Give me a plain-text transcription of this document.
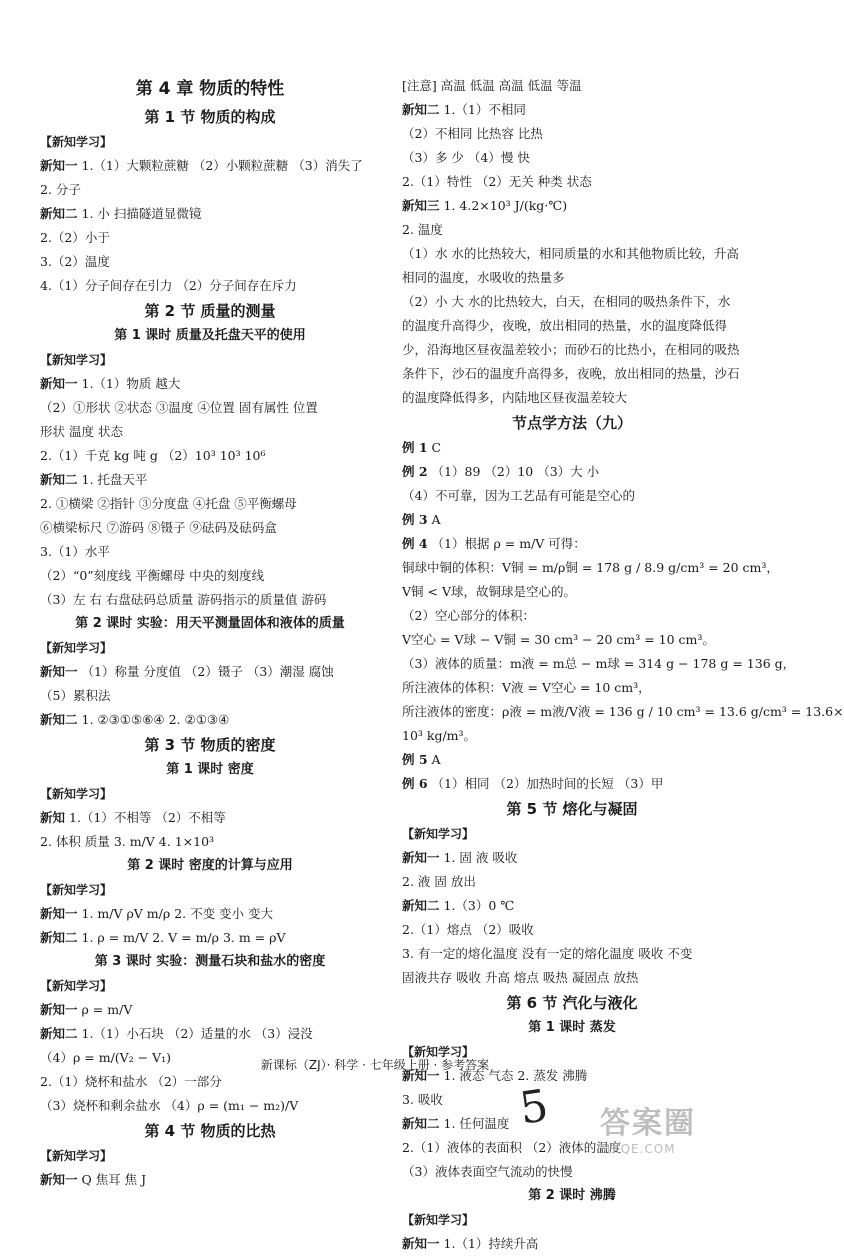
第 4 章 物质的特性
第 1 节 物质的构成
【新知学习】
新知一 1.（1）大颗粒蔗糖 （2）小颗粒蔗糖 （3）消失了
2. 分子
新知二 1. 小 扫描隧道显微镜
2.（2）小于
3.（2）温度
4.（1）分子间存在引力 （2）分子间存在斥力
第 2 节 质量的测量
第 1 课时 质量及托盘天平的使用
【新知学习】
新知一 1.（1）物质 越大
（2）①形状 ②状态 ③温度 ④位置 固有属性 位置
形状 温度 状态
2.（1）千克 kg 吨 g （2）10³ 10³ 10⁶
新知二 1. 托盘天平
2. ①横梁 ②指针 ③分度盘 ④托盘 ⑤平衡螺母
⑥横梁标尺 ⑦游码 ⑧镊子 ⑨砝码及砝码盒
3.（1）水平
（2）“0”刻度线 平衡螺母 中央的刻度线
（3）左 右 右盘砝码总质量 游码指示的质量值 游码
第 2 课时 实验：用天平测量固体和液体的质量
【新知学习】
新知一 （1）称量 分度值 （2）镊子 （3）潮湿 腐蚀
（5）累积法
新知二 1. ②③①⑤⑥④ 2. ②①③④
第 3 节 物质的密度
第 1 课时 密度
【新知学习】
新知 1.（1）不相等 （2）不相等
2. 体积 质量 3. m/V 4. 1×10³
第 2 课时 密度的计算与应用
【新知学习】
新知一 1. m/V ρV m/ρ 2. 不变 变小 变大
新知二 1. ρ = m/V 2. V = m/ρ 3. m = ρV
第 3 课时 实验：测量石块和盐水的密度
【新知学习】
新知一 ρ = m/V
新知二 1.（1）小石块 （2）适量的水 （3）浸没
（4）ρ = m/(V₂ − V₁)
2.（1）烧杯和盐水 （2）一部分
（3）烧杯和剩余盐水 （4）ρ = (m₁ − m₂)/V
第 4 节 物质的比热
【新知学习】
新知一 Q 焦耳 焦 J
[注意] 高温 低温 高温 低温 等温
新知二 1.（1）不相同
（2）不相同 比热容 比热
（3）多 少 （4）慢 快
2.（1）特性 （2）无关 种类 状态
新知三 1. 4.2×10³ J/(kg·℃)
2. 温度
（1）水 水的比热较大，相同质量的水和其他物质比较，升高相同的温度，水吸收的热量多
（2）小 大 水的比热较大，白天，在相同的吸热条件下，水的温度升高得少，夜晚，放出相同的热量，水的温度降低得少，沿海地区昼夜温差较小；而砂石的比热小，在相同的吸热条件下，沙石的温度升高得多，夜晚，放出相同的热量，沙石的温度降低得多，内陆地区昼夜温差较大
节点学方法（九）
例 1 C
例 2 （1）89 （2）10 （3）大 小
（4）不可靠，因为工艺品有可能是空心的
例 3 A
例 4 （1）根据 ρ = m/V 可得：
铜球中铜的体积：V铜 = m/ρ铜 = 178 g / 8.9 g/cm³ = 20 cm³，
V铜 < V球，故铜球是空心的。
（2）空心部分的体积：
V空心 = V球 − V铜 = 30 cm³ − 20 cm³ = 10 cm³。
（3）液体的质量：m液 = m总 − m球 = 314 g − 178 g = 136 g，
所注液体的体积：V液 = V空心 = 10 cm³，
所注液体的密度：ρ液 = m液/V液 = 136 g / 10 cm³ = 13.6 g/cm³ = 13.6×
10³ kg/m³。
例 5 A
例 6 （1）相同 （2）加热时间的长短 （3）甲
第 5 节 熔化与凝固
【新知学习】
新知一 1. 固 液 吸收
2. 液 固 放出
新知二 1.（3）0 ℃
2.（1）熔点 （2）吸收
3. 有一定的熔化温度 没有一定的熔化温度 吸收 不变
固液共存 吸收 升高 熔点 吸热 凝固点 放热
第 6 节 汽化与液化
第 1 课时 蒸发
【新知学习】
新知一 1. 液态 气态 2. 蒸发 沸腾
3. 吸收
新知二 1. 任何温度
2.（1）液体的表面积 （2）液体的温度
（3）液体表面空气流动的快慢
第 2 课时 沸腾
【新知学习】
新知一 1.（1）持续升高
新课标（ZJ）· 科学 · 七年级上册 · 参考答案
5 答案圈
MXQE.COM
